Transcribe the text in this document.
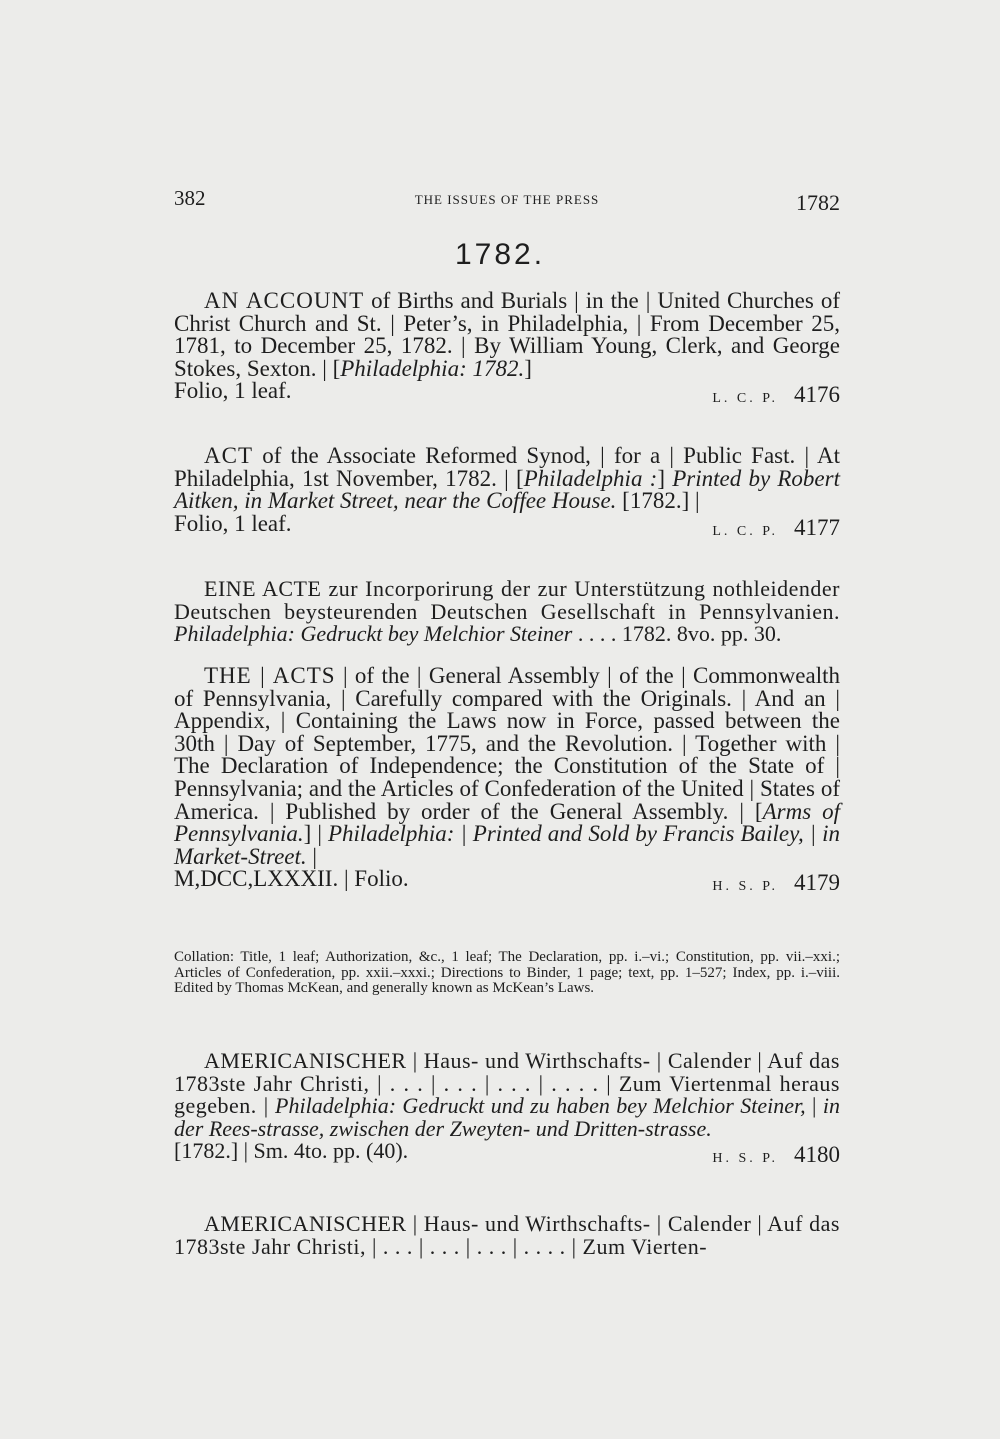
382	THE ISSUES OF THE PRESS	1782
1782.

AN ACCOUNT of Births and Burials | in the | United Churches of Christ Church and St. | Peter’s, in Philadelphia, | From December 25, 1781, to December 25, 1782. | By William Young, Clerk, and George Stokes, Sexton. | [Philadelphia: 1782.]
Folio, 1 leaf.	L. C. P. 4176

ACT of the Associate Reformed Synod, | for a | Public Fast. | At Philadelphia, 1st November, 1782. | [Philadelphia :] Printed by Robert Aitken, in Market Street, near the Coffee House. [1782.] |
Folio, 1 leaf.	L. C. P. 4177

EINE ACTE zur Incorporirung der zur Unterstützung nothleidender Deutschen beysteurenden Deutschen Gesellschaft in Pennsylvanien. Philadelphia: Gedruckt bey Melchior Steiner . . . . 1782. 8vo. pp. 30.

THE | ACTS | of the | General Assembly | of the | Commonwealth of Pennsylvania, | Carefully compared with the Originals. | And an | Appendix, | Containing the Laws now in Force, passed between the 30th | Day of September, 1775, and the Revolution. | Together with | The Declaration of Independence; the Constitution of the State of | Pennsylvania; and the Articles of Confederation of the United | States of America. | Published by order of the General Assembly. | [Arms of Pennsylvania.] | Philadelphia: | Printed and Sold by Francis Bailey, | in Market-Street. |
M,DCC,LXXXII. | Folio.	H. S. P. 4179

Collation: Title, 1 leaf; Authorization, &c., 1 leaf; The Declaration, pp. i.–vi.; Constitution, pp. vii.–xxi.; Articles of Confederation, pp. xxii.–xxxi.; Directions to Binder, 1 page; text, pp. 1–527; Index, pp. i.–viii. Edited by Thomas McKean, and generally known as McKean’s Laws.

AMERICANISCHER | Haus- und Wirthschafts- | Calender | Auf das 1783ste Jahr Christi, | . . . | . . . | . . . | . . . . | Zum Viertenmal heraus gegeben. | Philadelphia: Gedruckt und zu haben bey Melchior Steiner, | in der Rees-strasse, zwischen der Zweyten- und Dritten-strasse.
[1782.] | Sm. 4to. pp. (40).	H. S. P. 4180

AMERICANISCHER | Haus- und Wirthschafts- | Calender | Auf das 1783ste Jahr Christi, | . . . | . . . | . . . | . . . . | Zum Vierten-
